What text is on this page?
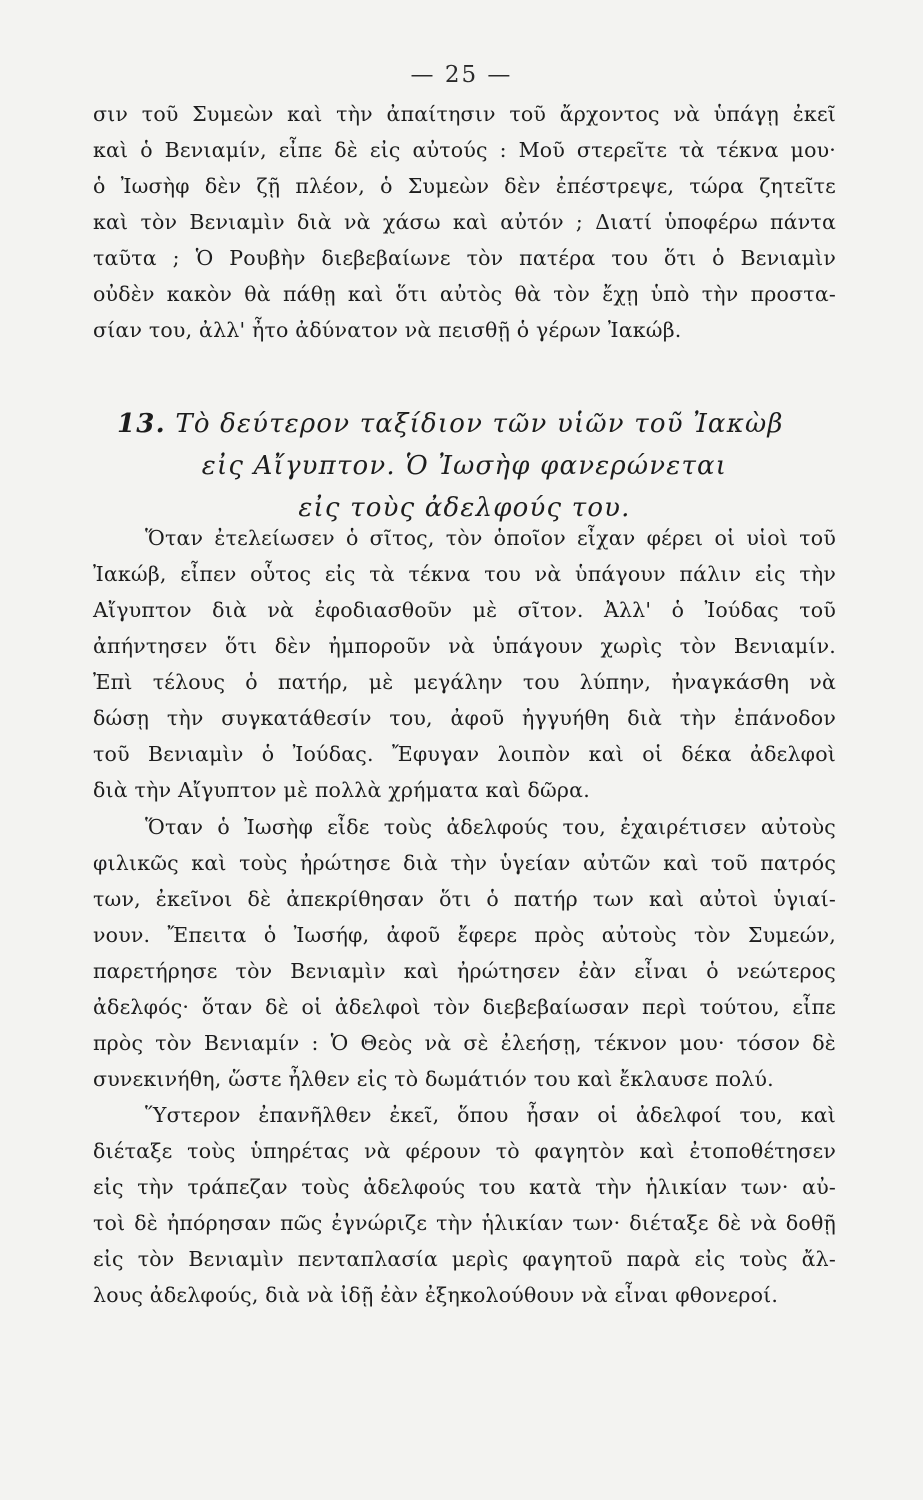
— 25 —
σιν τοῦ Συμεὼν καὶ τὴν ἀπαίτησιν τοῦ ἄρχοντος νὰ ὑπάγῃ ἐκεῖ
καὶ ὁ Βενιαμίν, εἶπε δὲ εἰς αὐτούς : Μοῦ στερεῖτε τὰ τέκνα μου·
ὁ Ἰωσὴφ δὲν ζῇ πλέον, ὁ Συμεὼν δὲν ἐπέστρεψε, τώρα ζητεῖτε
καὶ τὸν Βενιαμὶν διὰ νὰ χάσω καὶ αὐτόν ; Διατί ὑποφέρω πάντα
ταῦτα ; Ὁ Ρουβὴν διεβεβαίωνε τὸν πατέρα του ὅτι ὁ Βενιαμὶν
οὐδὲν κακὸν θὰ πάθῃ καὶ ὅτι αὐτὸς θὰ τὸν ἔχῃ ὑπὸ τὴν προστα-
σίαν του, ἀλλ' ἦτο ἀδύνατον νὰ πεισθῇ ὁ γέρων Ἰακώβ.
13. Τὸ δεύτερον ταξίδιον τῶν υἱῶν τοῦ Ἰακὼβ
εἰς Αἴγυπτον. Ὁ Ἰωσὴφ φανερώνεται
εἰς τοὺς ἀδελφούς του.
Ὅταν ἐτελείωσεν ὁ σῖτος, τὸν ὁποῖον εἶχαν φέρει οἱ υἱοὶ τοῦ
Ἰακώβ, εἶπεν οὗτος εἰς τὰ τέκνα του νὰ ὑπάγουν πάλιν εἰς τὴν
Αἴγυπτον διὰ νὰ ἐφοδιασθοῦν μὲ σῖτον. Ἀλλ' ὁ Ἰούδας τοῦ
ἀπήντησεν ὅτι δὲν ἠμποροῦν νὰ ὑπάγουν χωρὶς τὸν Βενιαμίν.
Ἐπὶ τέλους ὁ πατήρ, μὲ μεγάλην του λύπην, ἠναγκάσθη νὰ
δώσῃ τὴν συγκατάθεσίν του, ἀφοῦ ἠγγυήθη διὰ τὴν ἐπάνοδον
τοῦ Βενιαμὶν ὁ Ἰούδας. Ἔφυγαν λοιπὸν καὶ οἱ δέκα ἀδελφοὶ
διὰ τὴν Αἴγυπτον μὲ πολλὰ χρήματα καὶ δῶρα.
Ὅταν ὁ Ἰωσὴφ εἶδε τοὺς ἀδελφούς του, ἐχαιρέτισεν αὐτοὺς
φιλικῶς καὶ τοὺς ἠρώτησε διὰ τὴν ὑγείαν αὐτῶν καὶ τοῦ πατρός
των, ἐκεῖνοι δὲ ἀπεκρίθησαν ὅτι ὁ πατήρ των καὶ αὐτοὶ ὑγιαί-
νουν. Ἔπειτα ὁ Ἰωσήφ, ἀφοῦ ἔφερε πρὸς αὐτοὺς τὸν Συμεών,
παρετήρησε τὸν Βενιαμὶν καὶ ἠρώτησεν ἐὰν εἶναι ὁ νεώτερος
ἀδελφός· ὅταν δὲ οἱ ἀδελφοὶ τὸν διεβεβαίωσαν περὶ τούτου, εἶπε
πρὸς τὸν Βενιαμίν : Ὁ Θεὸς νὰ σὲ ἐλεήσῃ, τέκνον μου· τόσον δὲ
συνεκινήθη, ὥστε ἦλθεν εἰς τὸ δωμάτιόν του καὶ ἔκλαυσε πολύ.
Ὕστερον ἐπανῆλθεν ἐκεῖ, ὅπου ἦσαν οἱ ἀδελφοί του, καὶ
διέταξε τοὺς ὑπηρέτας νὰ φέρουν τὸ φαγητὸν καὶ ἐτοποθέτησεν
εἰς τὴν τράπεζαν τοὺς ἀδελφούς του κατὰ τὴν ἡλικίαν των· αὐ-
τοὶ δὲ ἠπόρησαν πῶς ἐγνώριζε τὴν ἡλικίαν των· διέταξε δὲ νὰ δοθῇ
εἰς τὸν Βενιαμὶν πενταπλασία μερὶς φαγητοῦ παρὰ εἰς τοὺς ἄλ-
λους ἀδελφούς, διὰ νὰ ἰδῇ ἐὰν ἐξηκολούθουν νὰ εἶναι φθονεροί.
